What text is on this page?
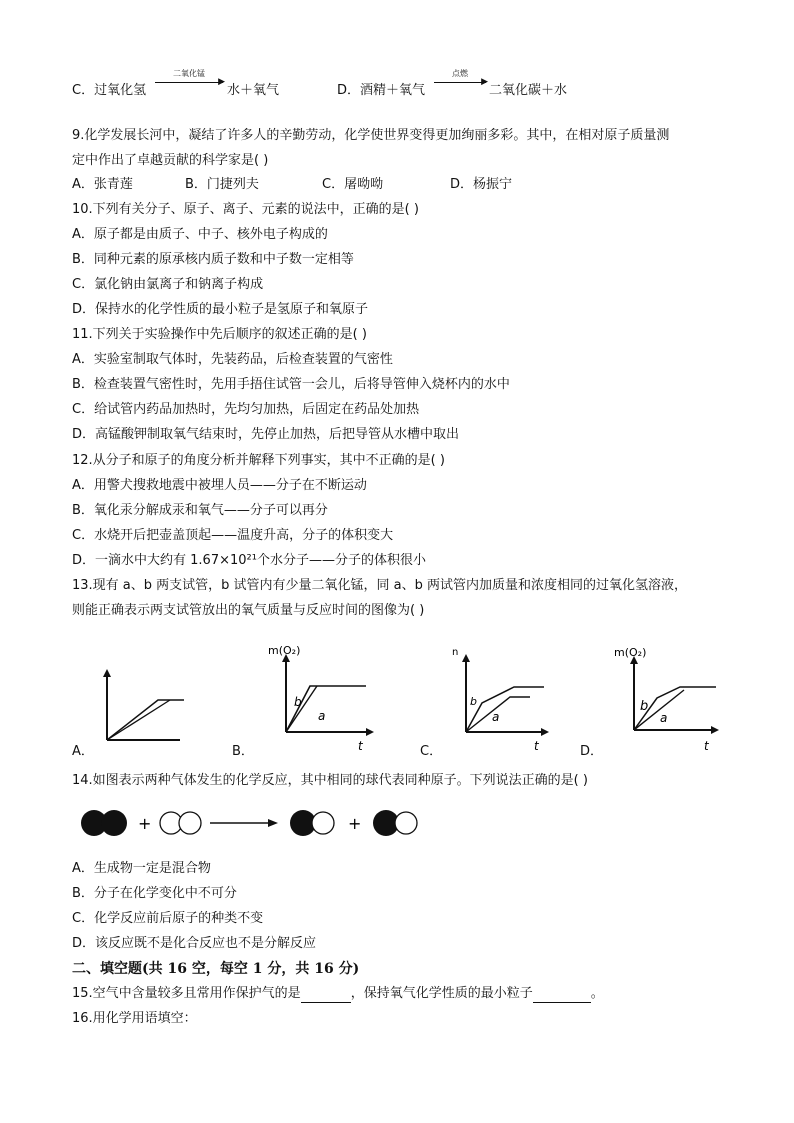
C．过氧化氢
二氧化锰
▶
水＋氧气	D．酒精＋氧气
点燃
▶
二氧化碳＋水
9.化学发展长河中，凝结了许多人的辛勤劳动，化学使世界变得更加绚丽多彩。其中，在相对原子质量测
定中作出了卓越贡献的科学家是( )
A．张青莲	B．门捷列夫	C．屠呦呦	D．杨振宁
10.下列有关分子、原子、离子、元素的说法中，正确的是( )
A．原子都是由质子、中子、核外电子构成的
B．同种元素的原承核内质子数和中子数一定相等
C．氯化钠由氯离子和钠离子构成
D．保持水的化学性质的最小粒子是氢原子和氧原子
11.下列关于实验操作中先后顺序的叙述正确的是( )
A．实验室制取气体时，先装药品，后检查装置的气密性
B．检查装置气密性时，先用手捂住试管一会儿，后将导管伸入烧杯内的水中
C．给试管内药品加热时，先均匀加热，后固定在药品处加热
D．高锰酸钾制取氧气结束时，先停止加热，后把导管从水槽中取出
12.从分子和原子的角度分析并解释下列事实，其中不正确的是( )
A．用警犬搜救地震中被埋人员——分子在不断运动
B．氧化汞分解成汞和氧气——分子可以再分
C．水烧开后把壶盖顶起——温度升高，分子的体积变大
D．一滴水中大约有 1.67×10²¹个水分子——分子的体积很小
13.现有 a、b 两支试管，b 试管内有少量二氧化锰，同 a、b 两试管内加质量和浓度相同的过氧化氢溶液，
则能正确表示两支试管放出的氧气质量与反应时间的图像为( )
A．
m(O₂)
b
a
t
B．
n
b
a
t
C．
m(O₂)
b
a
t
D．
14.如图表示两种气体发生的化学反应，其中相同的球代表同种原子。下列说法正确的是( )
+	+
A．生成物一定是混合物
B．分子在化学变化中不可分
C．化学反应前后原子的种类不变
D．该反应既不是化合反应也不是分解反应
二、填空题(共 16 空，每空 1 分，共 16 分)
15.空气中含量较多且常用作保护气的是	，保持氧气化学性质的最小粒子	。
16.用化学用语填空：
